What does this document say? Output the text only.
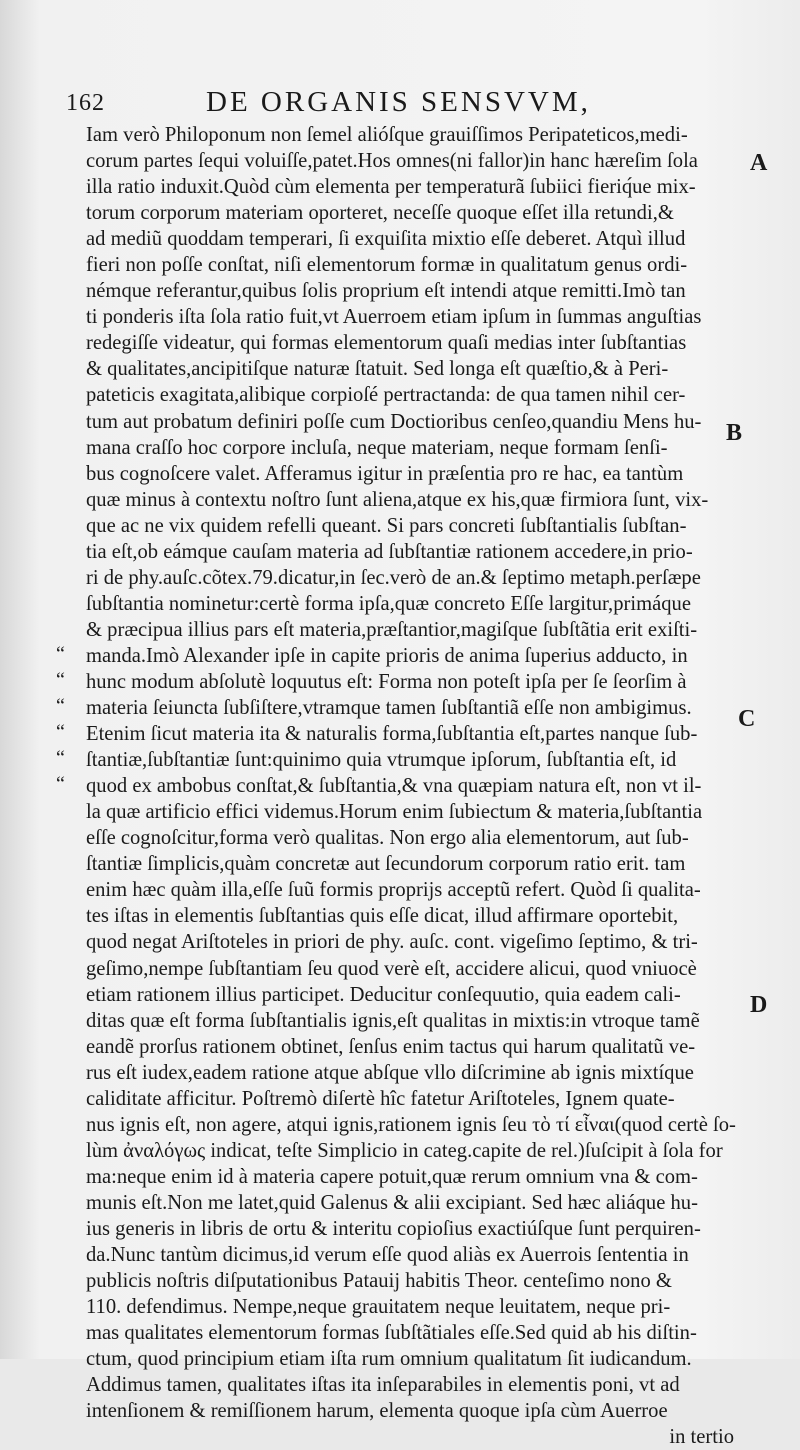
162	DE ORGANIS SENSVVM,
Iam verò Philoponum non ſemel alióſque grauiſſimos Peripateticos,medi-
corum partes ſequi voluiſſe,patet.Hos omnes(ni fallor)in hanc hæreſim ſola
illa ratio induxit.Quòd cùm elementa per temperaturã ſubiici fieriq́ue mix-
torum corporum materiam oporteret, neceſſe quoque eſſet illa retundi,&
ad mediũ quoddam temperari, ſi exquiſita mixtio eſſe deberet. Atquì illud
fieri non poſſe conſtat, niſi elementorum formæ in qualitatum genus ordi-
némque referantur,quibus ſolis proprium eſt intendi atque remitti.Imò tan
ti ponderis iſta ſola ratio fuit,vt Auerroem etiam ipſum in ſummas anguſtias
redegiſſe videatur, qui formas elementorum quaſi medias inter ſubſtantias
& qualitates,ancipitiſque naturæ ſtatuit. Sed longa eſt quæſtio,& à Peri-
pateticis exagitata,alibique corpioſé pertractanda: de qua tamen nihil cer-
tum aut probatum definiri poſſe cum Doctioribus cenſeo,quandiu Mens hu-
mana craſſo hoc corpore incluſa, neque materiam, neque formam ſenſi-
bus cognoſcere valet. Afferamus igitur in præſentia pro re hac, ea tantùm
quæ minus à contextu noſtro ſunt aliena,atque ex his,quæ firmiora ſunt, vix-
que ac ne vix quidem refelli queant. Si pars concreti ſubſtantialis ſubſtan-
tia eſt,ob eámque cauſam materia ad ſubſtantiæ rationem accedere,in prio-
ri de phy.auſc.cõtex.79.dicatur,in ſec.verò de an.& ſeptimo metaph.perſæpe
ſubſtantia nominetur:certè forma ipſa,quæ concreto Eſſe largitur,primáque
& præcipua illius pars eſt materia,præſtantior,magiſque ſubſtãtia erit exiſti-
manda.Imò Alexander ipſe in capite prioris de anima ſuperius adducto, in
hunc modum abſolutè loquutus eſt: Forma non poteſt ipſa per ſe ſeorſim à
materia ſeiuncta ſubſiſtere,vtramque tamen ſubſtantiã eſſe non ambigimus.
Etenim ſicut materia ita & naturalis forma,ſubſtantia eſt,partes nanque ſub-
ſtantiæ,ſubſtantiæ ſunt:quinimo quia vtrumque ipſorum, ſubſtantia eſt, id
quod ex ambobus conſtat,& ſubſtantia,& vna quæpiam natura eſt, non vt il-
la quæ artificio effici videmus.Horum enim ſubiectum & materia,ſubſtantia
eſſe cognoſcitur,forma verò qualitas. Non ergo alia elementorum, aut ſub-
ſtantiæ ſimplicis,quàm concretæ aut ſecundorum corporum ratio erit. tam
enim hæc quàm illa,eſſe ſuũ formis proprijs acceptũ refert. Quòd ſi qualita-
tes iſtas in elementis ſubſtantias quis eſſe dicat, illud affirmare oportebit,
quod negat Ariſtoteles in priori de phy. auſc. cont. vigeſimo ſeptimo, & tri-
geſimo,nempe ſubſtantiam ſeu quod verè eſt, accidere alicui, quod vniuocè
etiam rationem illius participet. Deducitur conſequutio, quia eadem cali-
ditas quæ eſt forma ſubſtantialis ignis,eſt qualitas in mixtis:in vtroque tamẽ
eandẽ prorſus rationem obtinet, ſenſus enim tactus qui harum qualitatũ ve-
rus eſt iudex,eadem ratione atque abſque vllo diſcrimine ab ignis mixtíque
caliditate afficitur. Poſtremò diſertè hîc fatetur Ariſtoteles, Ignem quate-
nus ignis eſt, non agere, atqui ignis,rationem ignis ſeu τὸ τί εἶναι(quod certè ſo-
lùm ἀναλόγως indicat, teſte Simplicio in categ.capite de rel.)ſuſcipit à ſola for
ma:neque enim id à materia capere potuit,quæ rerum omnium vna & com-
munis eſt.Non me latet,quid Galenus & alii excipiant. Sed hæc aliáque hu-
ius generis in libris de ortu & interitu copioſius exactiúſque ſunt perquiren-
da.Nunc tantùm dicimus,id verum eſſe quod aliàs ex Auerrois ſententia in
publicis noſtris diſputationibus Patauij habitis Theor. centeſimo nono &
110. defendimus. Nempe,neque grauitatem neque leuitatem, neque pri-
mas qualitates elementorum formas ſubſtãtiales eſſe.Sed quid ab his diſtin-
ctum, quod principium etiam iſta rum omnium qualitatum ſit iudicandum.
Addimus tamen, qualitates iſtas ita inſeparabiles in elementis poni, vt ad
intenſionem & remiſſionem harum, elementa quoque ipſa cùm Auerroe
in tertio
A
B
C
D
“
“
“
“
“
“
